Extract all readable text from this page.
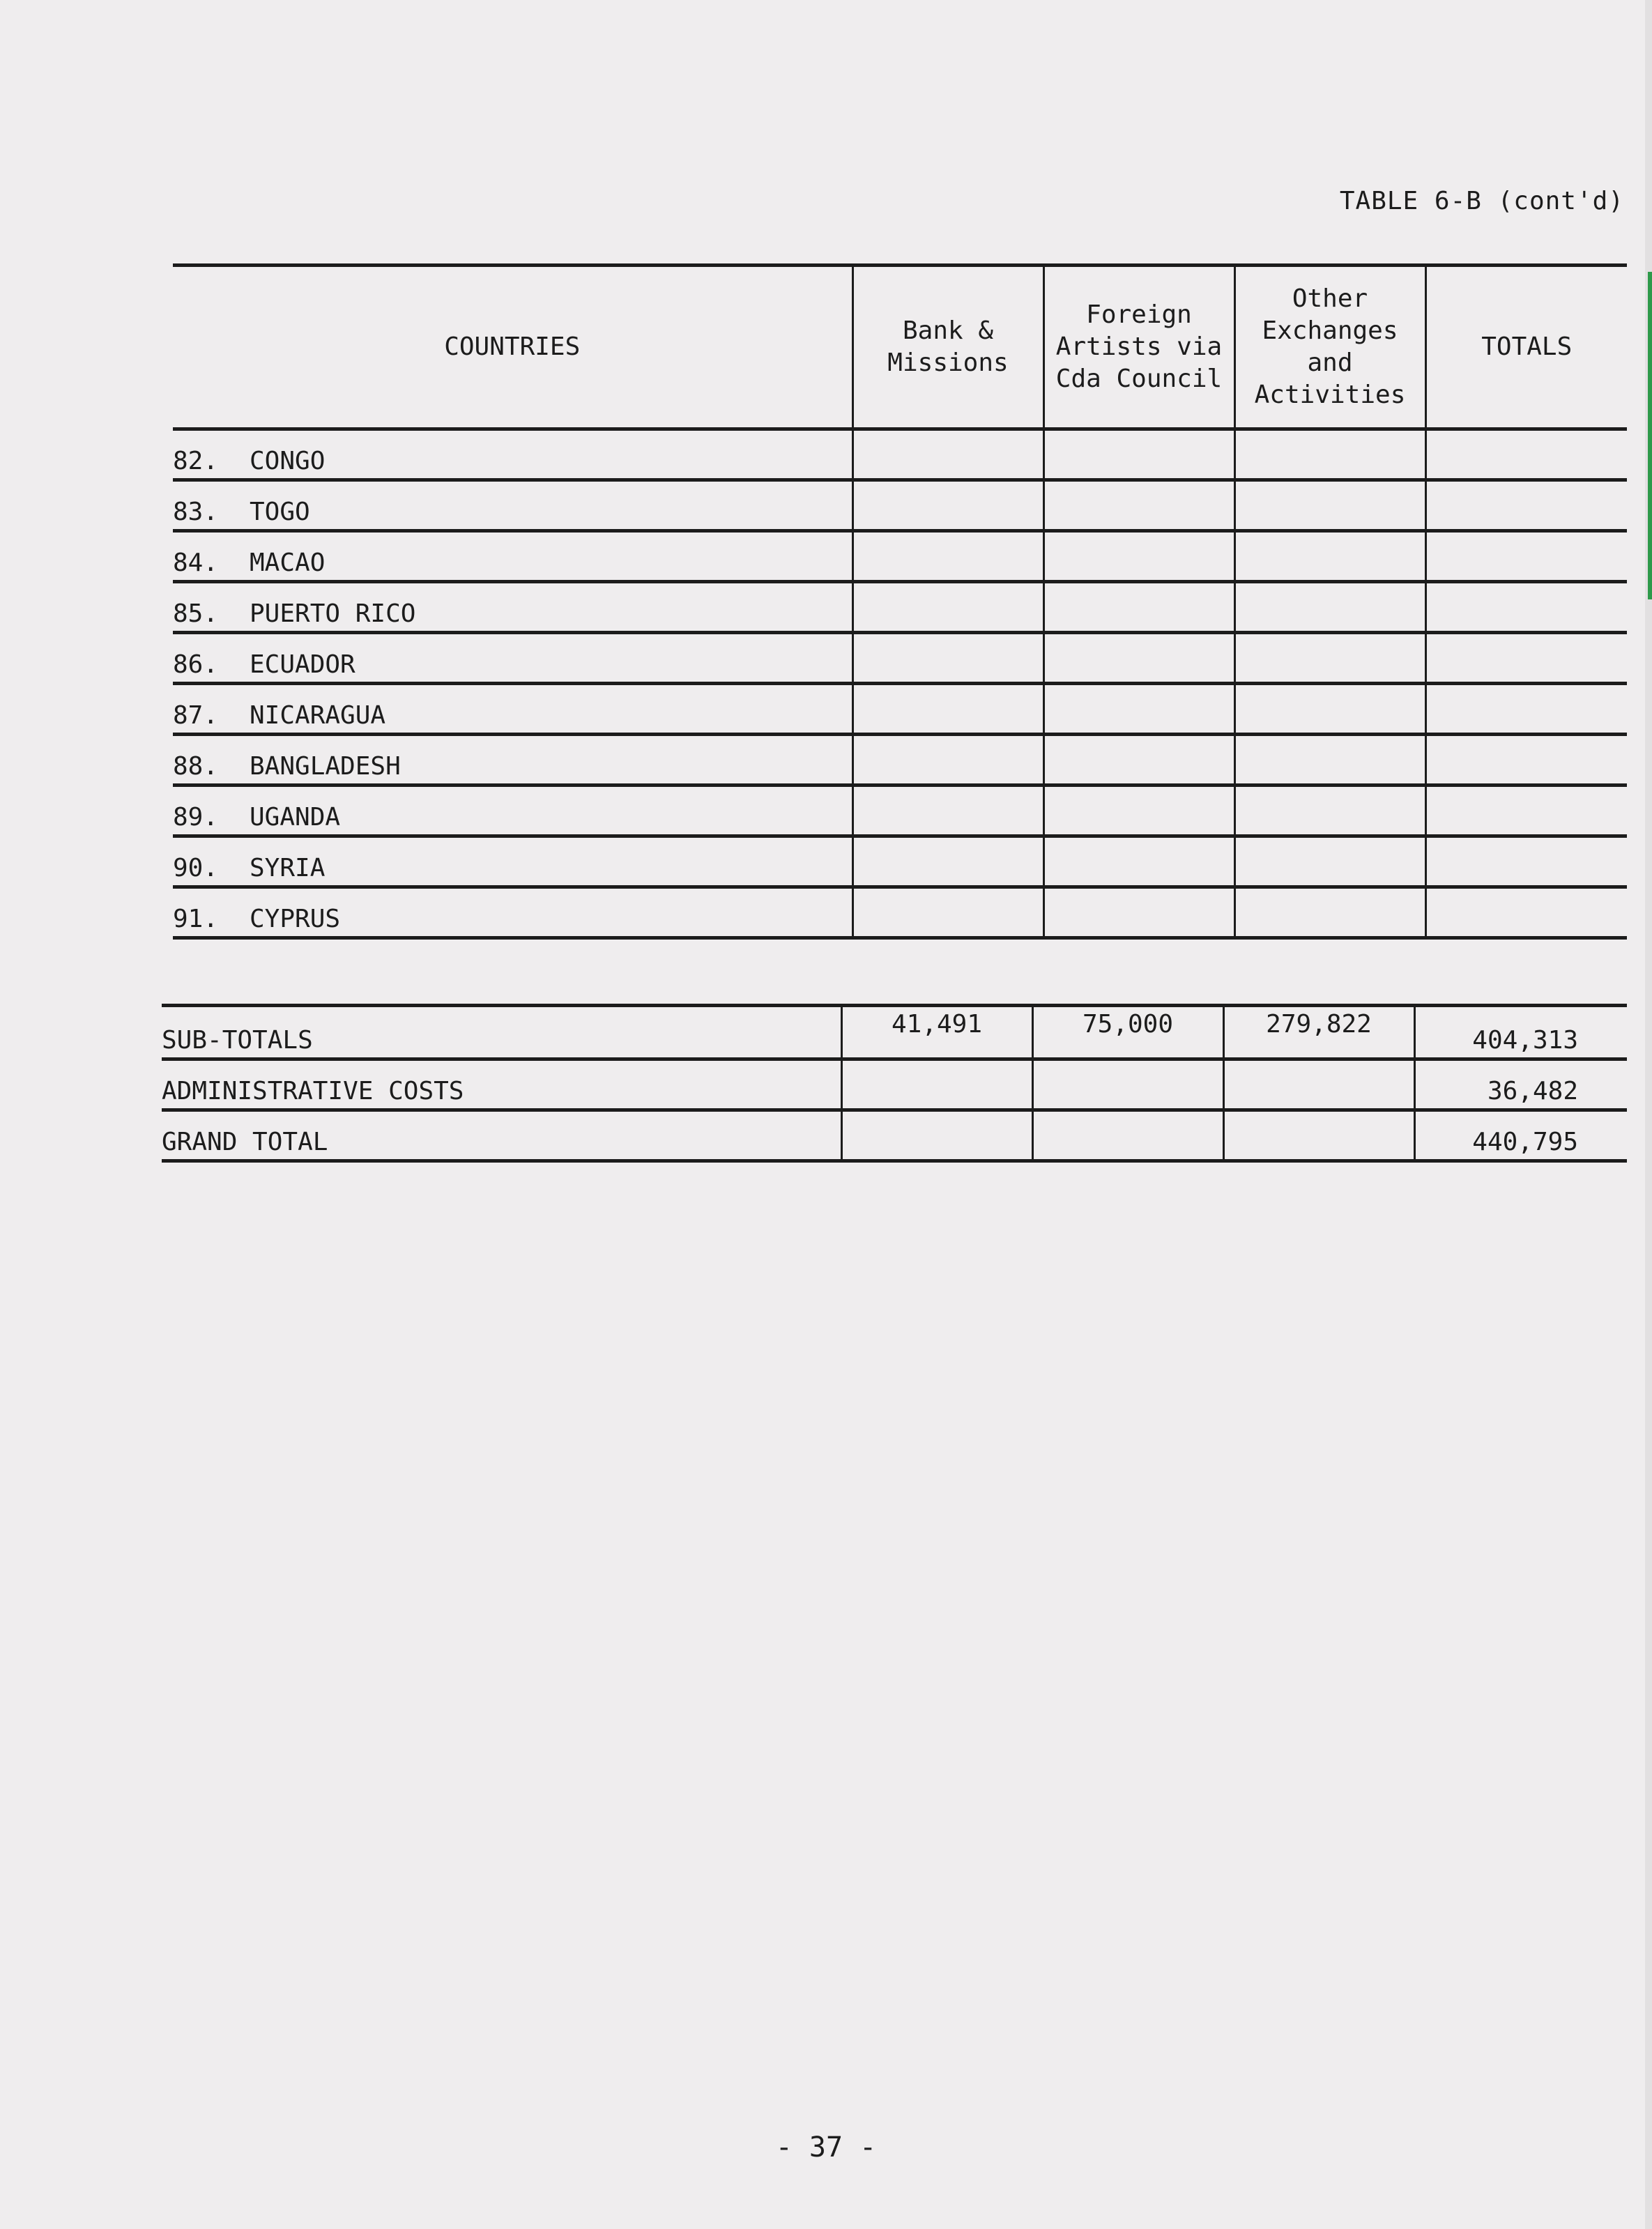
TABLE 6-B (cont'd)
COUNTRIES	Bank & Missions	Foreign Artists via Cda Council	Other Exchanges and Activities	TOTALS
82. CONGO				
83. TOGO				
84. MACAO				
85. PUERTO RICO				
86. ECUADOR				
87. NICARAGUA				
88. BANGLADESH				
89. UGANDA				
90. SYRIA				
91. CYPRUS				
SUB-TOTALS	41,491	75,000	279,822	404,313
ADMINISTRATIVE COSTS				36,482
GRAND TOTAL				440,795
- 37 -
